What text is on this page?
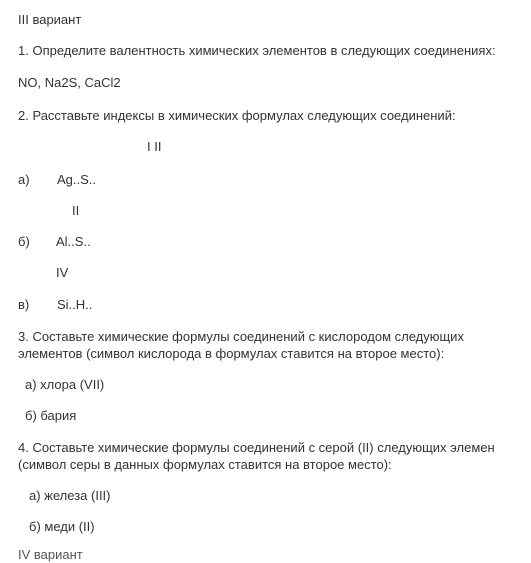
III вариант
1. Определите валентность химических элементов в следующих соединениях:
NO, Na2S, CaCl2
2. Расставьте индексы в химических формулах следующих соединений:
I II
а) Ag..S..
II
б) Al..S..
IV
в) Si..H..
3. Составьте химические формулы соединений с кислородом следующих элементов (символ кислорода в формулах ставится на второе место):
а) хлора (VII)
б) бария
4. Составьте химические формулы соединений с серой (II) следующих элемен
(символ серы в данных формулах ставится на второе место):
а) железа (III)
б) меди (II)
IV вариант
